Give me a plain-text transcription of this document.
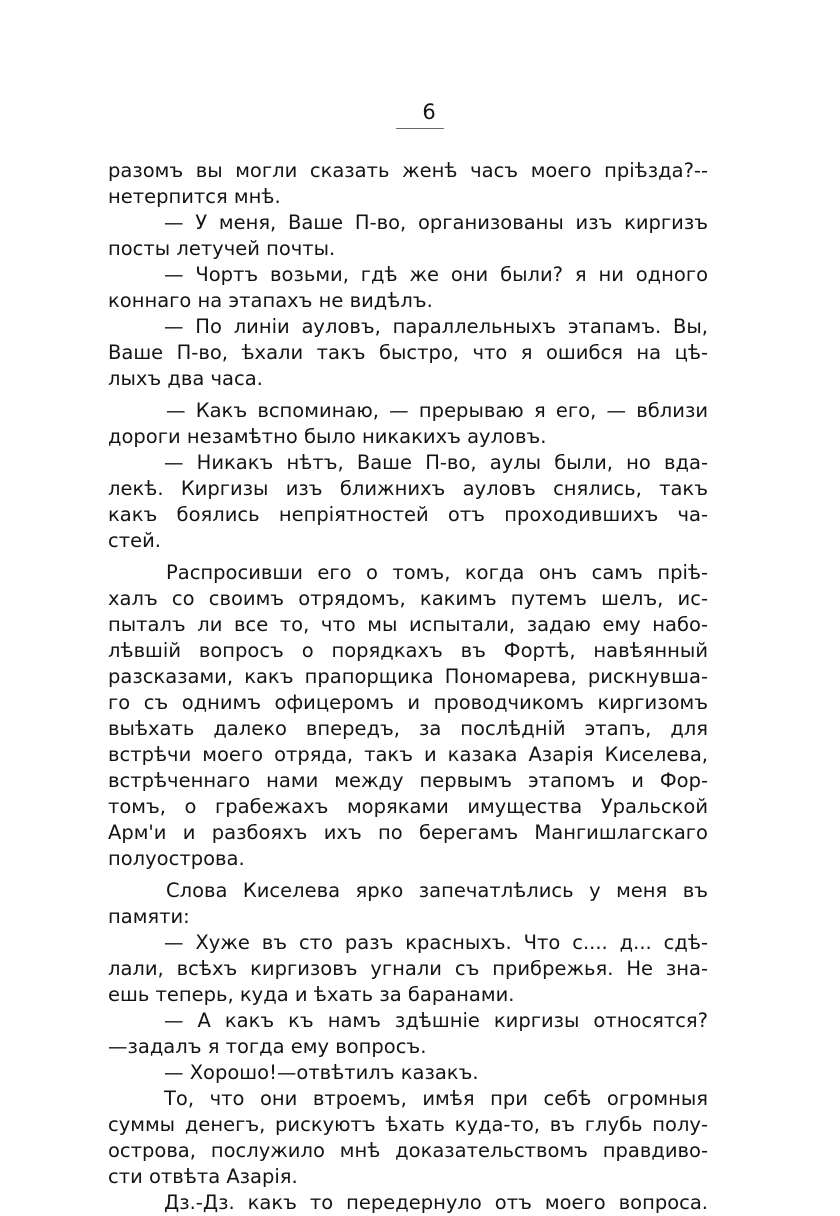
6
разомъ вы могли сказать женѣ часъ моего пріѣзда?--
нетерпится мнѣ.
— У меня, Ваше П-во, организованы изъ киргизъ
посты летучей почты.
— Чортъ возьми, гдѣ же они были? я ни одного
коннаго на этапахъ не видѣлъ.
— По линіи ауловъ, параллельныхъ этапамъ. Вы,
Ваше П-во, ѣхали такъ быстро, что я ошибся на цѣ-
лыхъ два часа.
— Какъ вспоминаю, — прерываю я его, — вблизи
дороги незамѣтно было никакихъ ауловъ.
— Никакъ нѣтъ, Ваше П-во, аулы были, но вда-
лекѣ. Киргизы изъ ближнихъ ауловъ снялись, такъ
какъ боялись непріятностей отъ проходившихъ ча-
стей.
Распросивши его о томъ, когда онъ самъ пріѣ-
халъ со своимъ отрядомъ, какимъ путемъ шелъ, ис-
пыталъ ли все то, что мы испытали, задаю ему набо-
лѣвшій вопросъ о порядкахъ въ Фортѣ, навѣянный
разсказами, какъ прапорщика Пономарева, рискнувша-
го съ однимъ офицеромъ и проводчикомъ киргизомъ
выѣхать далеко впередъ, за послѣдній этапъ, для
встрѣчи моего отряда, такъ и казака Азарія Киселева,
встрѣченнаго нами между первымъ этапомъ и Фор-
томъ, о грабежахъ моряками имущества Уральской
Арм'и и разбояхъ ихъ по берегамъ Мангишлагскаго
полуострова.
Слова Киселева ярко запечатлѣлись у меня въ
памяти:
— Хуже въ сто разъ красныхъ. Что с.... д... сдѣ-
лали, всѣхъ киргизовъ угнали съ прибрежья. Не зна-
ешь теперь, куда и ѣхать за баранами.
— А какъ къ намъ здѣшніе киргизы относятся?
—задалъ я тогда ему вопросъ.
— Хорошо!—отвѣтилъ казакъ.
То, что они втроемъ, имѣя при себѣ огромныя
суммы денегъ, рискуютъ ѣхать куда-то, въ глубь полу-
острова, послужило мнѣ доказательствомъ правдиво-
сти отвѣта Азарія.
Дз.-Дз. какъ то передернуло отъ моего вопроса.
